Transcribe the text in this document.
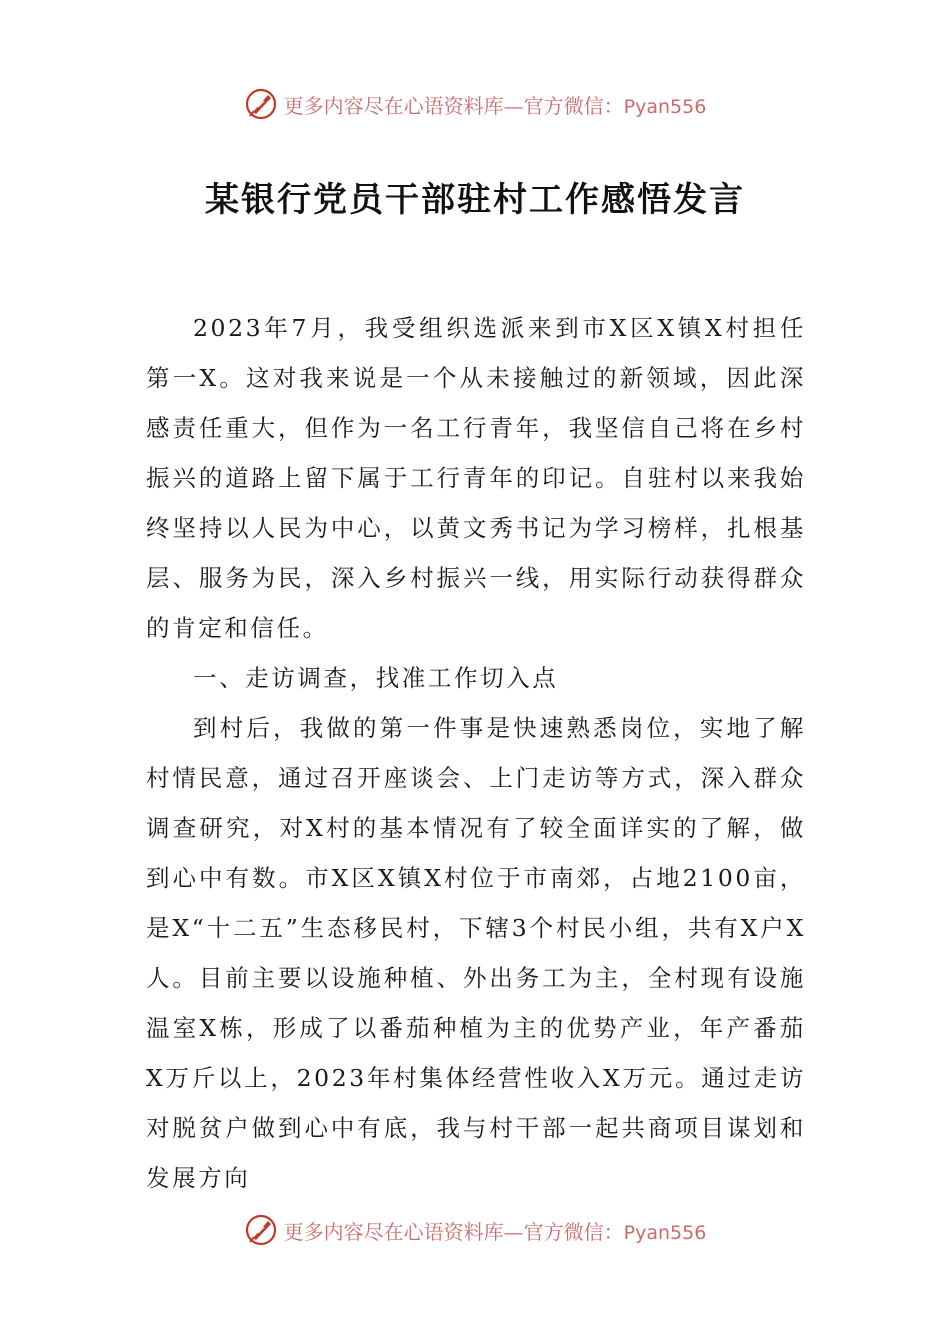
更多内容尽在心语资料库—官方微信：Pyan556
某银行党员干部驻村工作感悟发言

2023年7月，我受组织选派来到市X区X镇X村担任第一X。这对我来说是一个从未接触过的新领域，因此深感责任重大，但作为一名工行青年，我坚信自己将在乡村振兴的道路上留下属于工行青年的印记。自驻村以来我始终坚持以人民为中心，以黄文秀书记为学习榜样，扎根基层、服务为民，深入乡村振兴一线，用实际行动获得群众的肯定和信任。

一、走访调查，找准工作切入点

到村后，我做的第一件事是快速熟悉岗位，实地了解村情民意，通过召开座谈会、上门走访等方式，深入群众调查研究，对X村的基本情况有了较全面详实的了解，做到心中有数。市X区X镇X村位于市南郊，占地2100亩，是X“十二五”生态移民村，下辖3个村民小组，共有X户X人。目前主要以设施种植、外出务工为主，全村现有设施温室X栋，形成了以番茄种植为主的优势产业，年产番茄X万斤以上，2023年村集体经营性收入X万元。通过走访对脱贫户做到心中有底，我与村干部一起共商项目谋划和发展方向

更多内容尽在心语资料库—官方微信：Pyan556
